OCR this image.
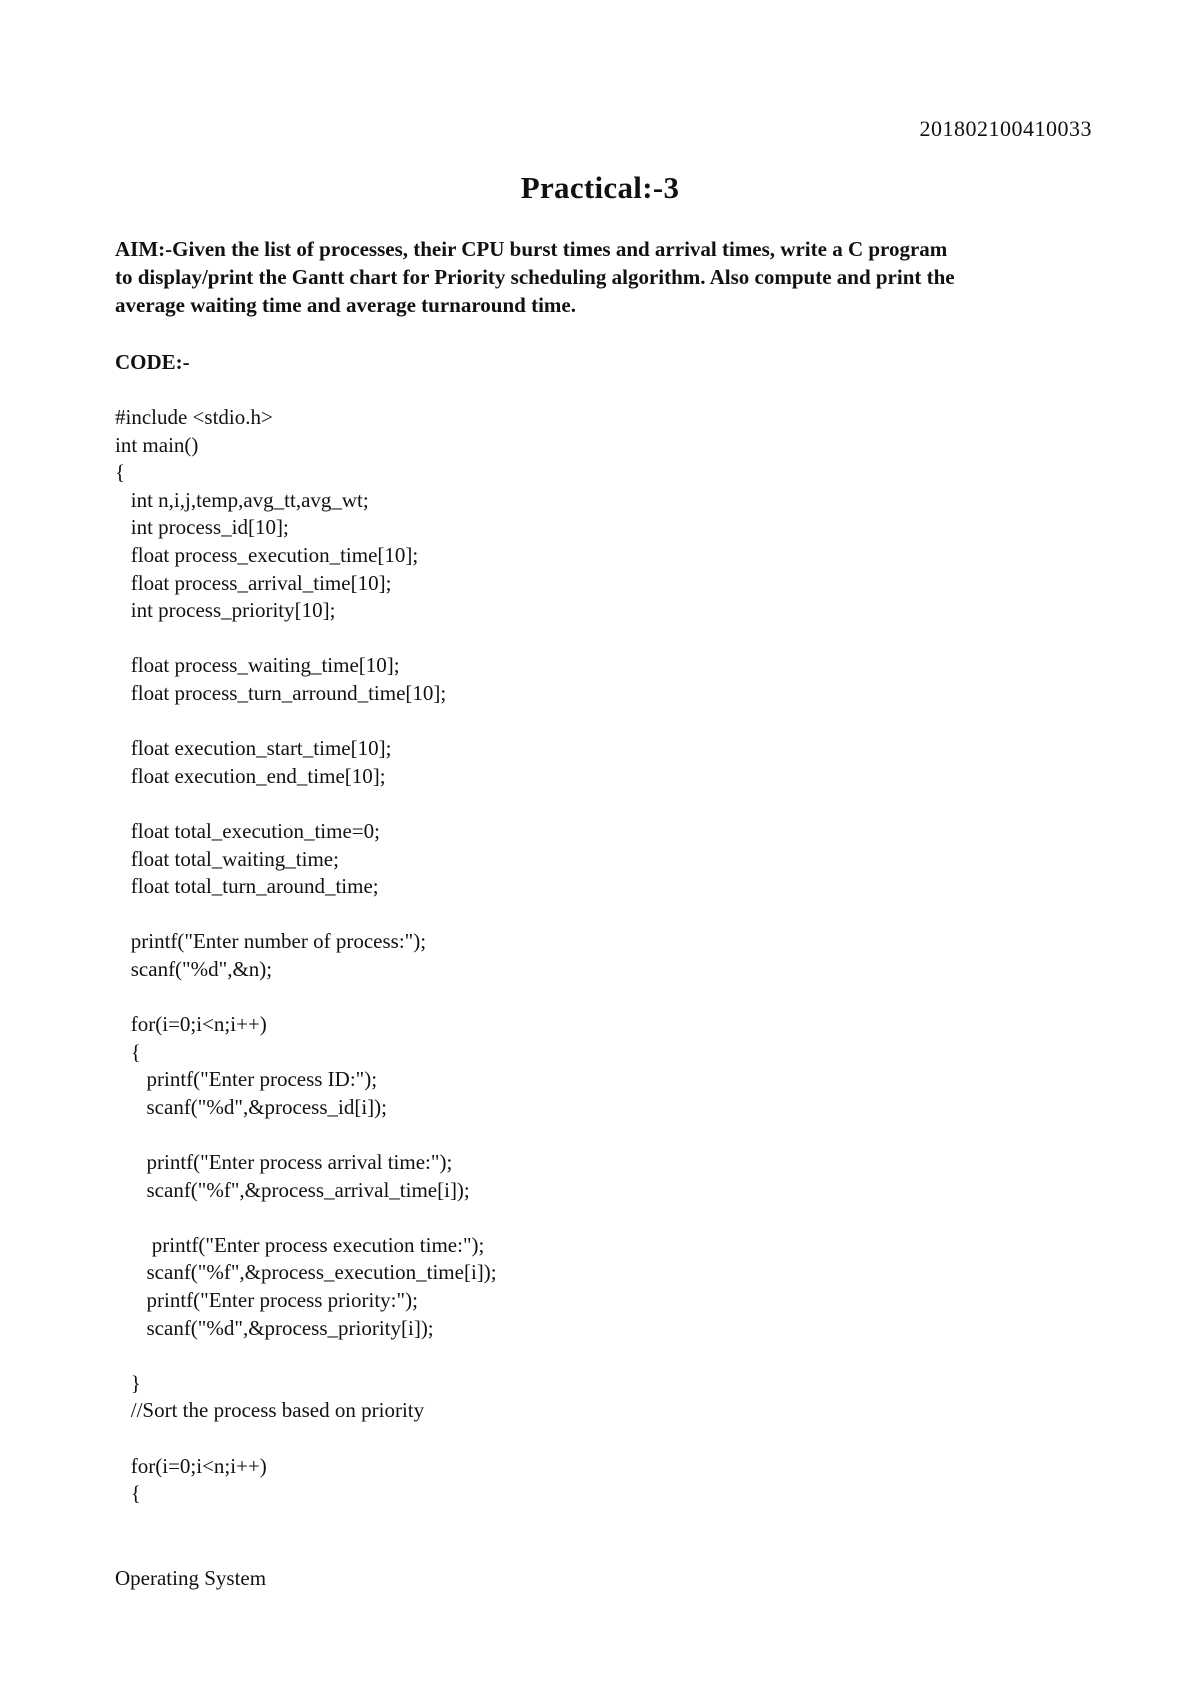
201802100410033
Practical:-3
AIM:-Given the list of processes, their CPU burst times and arrival times, write a C program
to display/print the Gantt chart for Priority scheduling algorithm. Also compute and print the
average waiting time and average turnaround time.
CODE:-
#include <stdio.h>
int main()
{
int n,i,j,temp,avg_tt,avg_wt;
int process_id[10];
float process_execution_time[10];
float process_arrival_time[10];
int process_priority[10];
float process_waiting_time[10];
float process_turn_arround_time[10];
float execution_start_time[10];
float execution_end_time[10];
float total_execution_time=0;
float total_waiting_time;
float total_turn_around_time;
printf("Enter number of process:");
scanf("%d",&n);
for(i=0;i<n;i++)
{
printf("Enter process ID:");
scanf("%d",&process_id[i]);
printf("Enter process arrival time:");
scanf("%f",&process_arrival_time[i]);
printf("Enter process execution time:");
scanf("%f",&process_execution_time[i]);
printf("Enter process priority:");
scanf("%d",&process_priority[i]);
}
//Sort the process based on priority
for(i=0;i<n;i++)
{
Operating System
